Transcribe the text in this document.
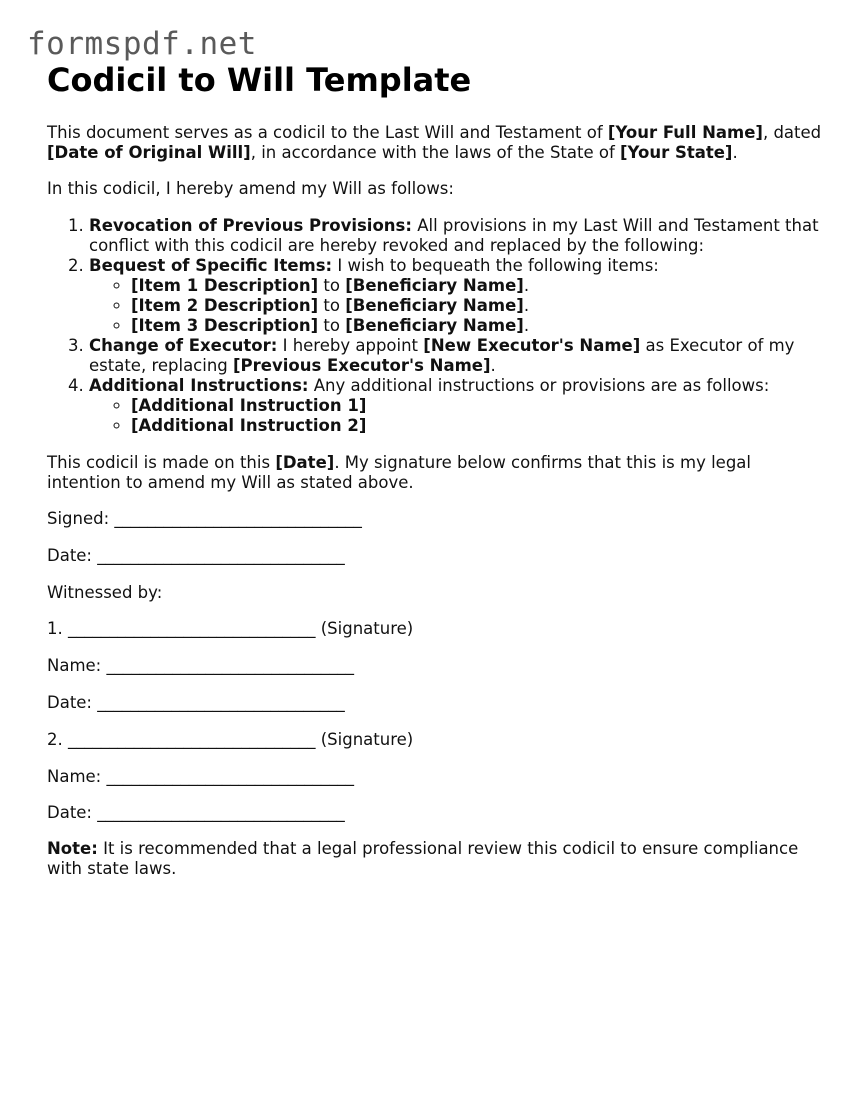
formspdf.net
Codicil to Will Template

This document serves as a codicil to the Last Will and Testament of [Your Full Name], dated [Date of Original Will], in accordance with the laws of the State of [Your State].

In this codicil, I hereby amend my Will as follows:

1. Revocation of Previous Provisions: All provisions in my Last Will and Testament that conflict with this codicil are hereby revoked and replaced by the following:
2. Bequest of Specific Items: I wish to bequeath the following items:
◦ [Item 1 Description] to [Beneficiary Name].
◦ [Item 2 Description] to [Beneficiary Name].
◦ [Item 3 Description] to [Beneficiary Name].
3. Change of Executor: I hereby appoint [New Executor's Name] as Executor of my estate, replacing [Previous Executor's Name].
4. Additional Instructions: Any additional instructions or provisions are as follows:
◦ [Additional Instruction 1]
◦ [Additional Instruction 2]

This codicil is made on this [Date]. My signature below confirms that this is my legal intention to amend my Will as stated above.

Signed: ______________________________

Date: ______________________________

Witnessed by:

1. ______________________________ (Signature)

Name: ______________________________

Date: ______________________________

2. ______________________________ (Signature)

Name: ______________________________

Date: ______________________________

Note: It is recommended that a legal professional review this codicil to ensure compliance with state laws.
